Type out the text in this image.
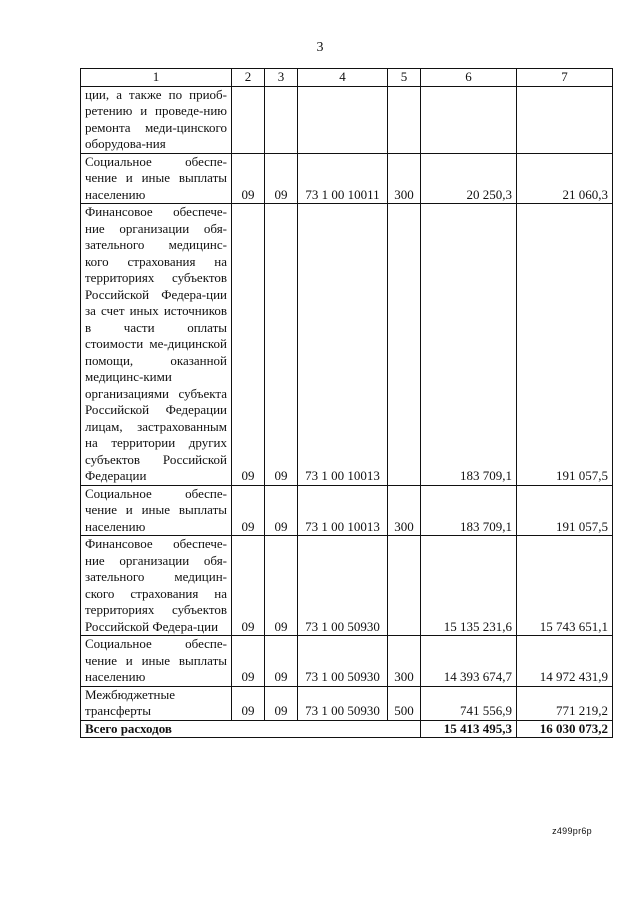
3
1	2	3	4	5	6	7
ции, а также по приоб-ретению и проведе-нию ремонта меди-цинского оборудова-ния						
Социальное обеспе-чение и иные выплаты населению	09	09	73 1 00 10011	300	20 250,3	21 060,3
Финансовое обеспече-ние организации обя-зательного медицинс-кого страхования на территориях субъектов Российской Федера-ции за счет иных источников в части оплаты стоимости ме-дицинской помощи, оказанной медицинс-кими организациями субъекта Российской Федерации лицам, застрахованным на территории других субъектов Российской Федерации	09	09	73 1 00 10013		183 709,1	191 057,5
Социальное обеспе-чение и иные выплаты населению	09	09	73 1 00 10013	300	183 709,1	191 057,5
Финансовое обеспече-ние организации обя-зательного медицин-ского страхования на территориях субъектов Российской Федера-ции	09	09	73 1 00 50930		15 135 231,6	15 743 651,1
Социальное обеспе-чение и иные выплаты населению	09	09	73 1 00 50930	300	14 393 674,7	14 972 431,9
Межбюджетные трансферты	09	09	73 1 00 50930	500	741 556,9	771 219,2
Всего расходов					15 413 495,3	16 030 073,2
z499pr6p
